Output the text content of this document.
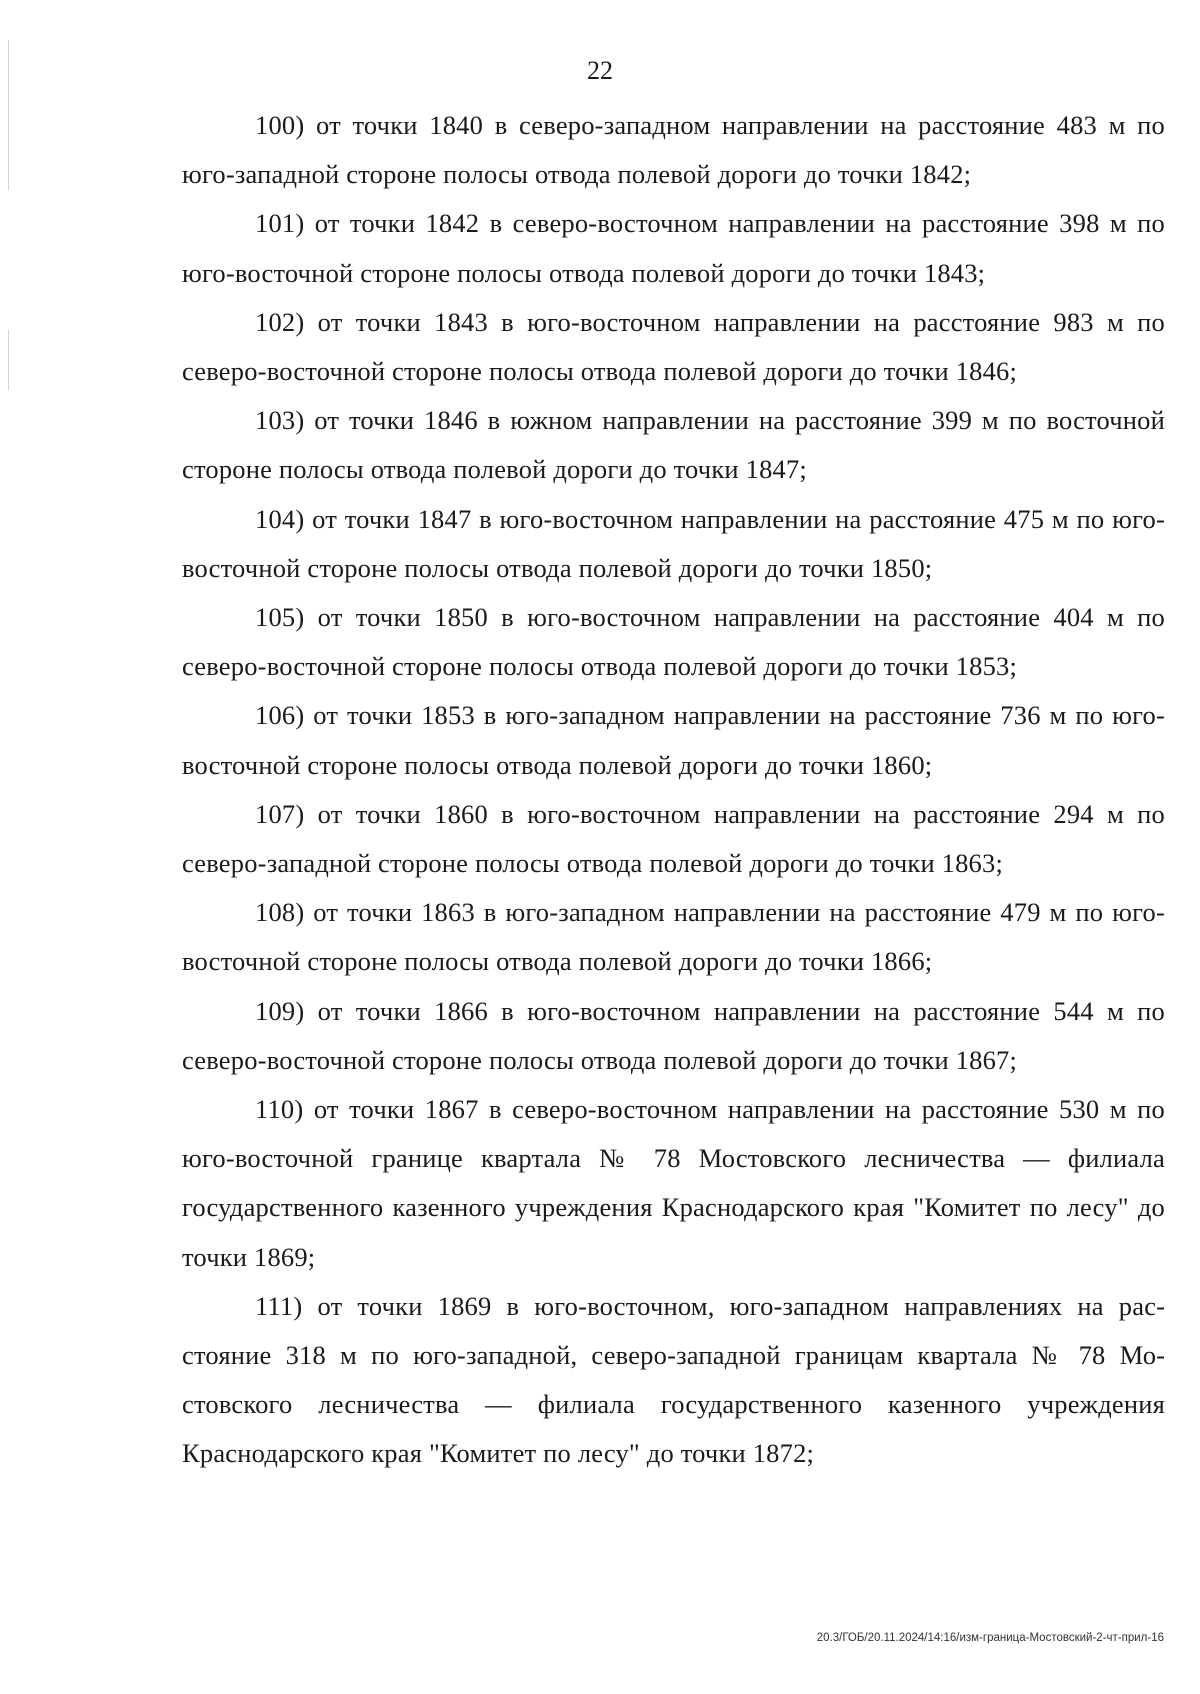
22

100) от точки 1840 в северо-западном направлении на расстояние 483 м по юго-западной стороне полосы отвода полевой дороги до точки 1842;

101) от точки 1842 в северо-восточном направлении на расстояние 398 м по юго-восточной стороне полосы отвода полевой дороги до точки 1843;

102) от точки 1843 в юго-восточном направлении на расстояние 983 м по северо-восточной стороне полосы отвода полевой дороги до точки 1846;

103) от точки 1846 в южном направлении на расстояние 399 м по восточной стороне полосы отвода полевой дороги до точки 1847;

104) от точки 1847 в юго-восточном направлении на расстояние 475 м по юго-восточной стороне полосы отвода полевой дороги до точки 1850;

105) от точки 1850 в юго-восточном направлении на расстояние 404 м по северо-восточной стороне полосы отвода полевой дороги до точки 1853;

106) от точки 1853 в юго-западном направлении на расстояние 736 м по юго-восточной стороне полосы отвода полевой дороги до точки 1860;

107) от точки 1860 в юго-восточном направлении на расстояние 294 м по северо-западной стороне полосы отвода полевой дороги до точки 1863;

108) от точки 1863 в юго-западном направлении на расстояние 479 м по юго-восточной стороне полосы отвода полевой дороги до точки 1866;

109) от точки 1866 в юго-восточном направлении на расстояние 544 м по северо-восточной стороне полосы отвода полевой дороги до точки 1867;

110) от точки 1867 в северо-восточном направлении на расстояние 530 м по юго-восточной границе квартала № 78 Мостовского лесничества — филиала государственного казенного учреждения Краснодарского края "Комитет по лесу" до точки 1869;

111) от точки 1869 в юго-восточном, юго-западном направлениях на расстояние 318 м по юго-западной, северо-западной границам квартала № 78 Мостовского лесничества — филиала государственного казенного учреждения Краснодарского края "Комитет по лесу" до точки 1872;

20.3/ГОБ/20.11.2024/14:16/изм-граница-Мостовский-2-чт-прил-16
